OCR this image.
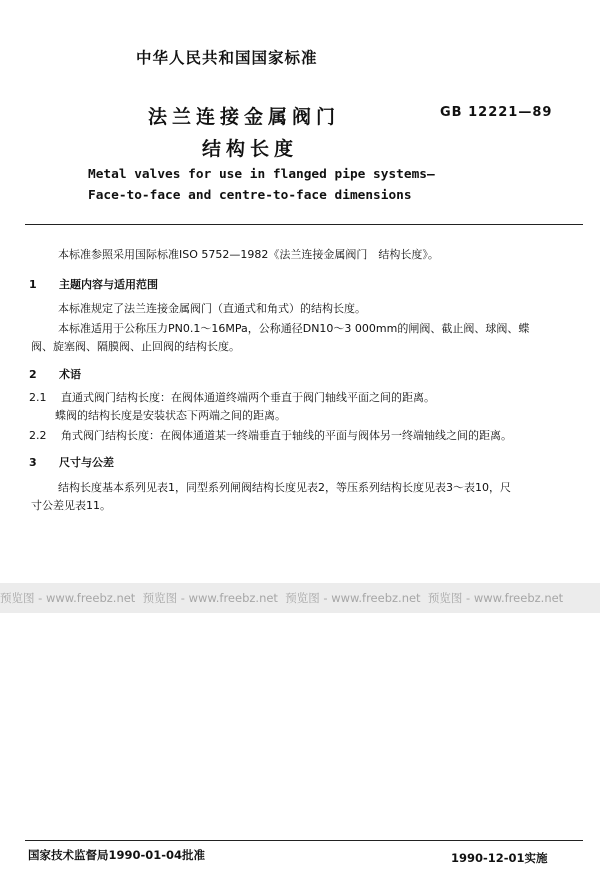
中华人民共和国国家标准
法兰连接金属阀门
结构长度
GB 12221—89
Metal valves for use in flanged pipe systems—
Face-to-face and centre-to-face dimensions
本标准参照采用国际标准ISO 5752—1982《法兰连接金属阀门　结构长度》。
1 主题内容与适用范围
本标准规定了法兰连接金属阀门（直通式和角式）的结构长度。
本标准适用于公称压力PN0.1～16MPa，公称通径DN10～3 000mm的闸阀、截止阀、球阀、蝶
阀、旋塞阀、隔膜阀、止回阀的结构长度。
2 术语
2.1 直通式阀门结构长度：在阀体通道终端两个垂直于阀门轴线平面之间的距离。
蝶阀的结构长度是安装状态下两端之间的距离。
2.2 角式阀门结构长度：在阀体通道某一终端垂直于轴线的平面与阀体另一终端轴线之间的距离。
3 尺寸与公差
结构长度基本系列见表1，同型系列闸阀结构长度见表2，等压系列结构长度见表3～表10，尺
寸公差见表11。
预览图 - www.freebz.net  预览图 - www.freebz.net  预览图 - www.freebz.net  预览图 - www.freebz.net
国家技术监督局1990-01-04批准	1990-12-01实施
